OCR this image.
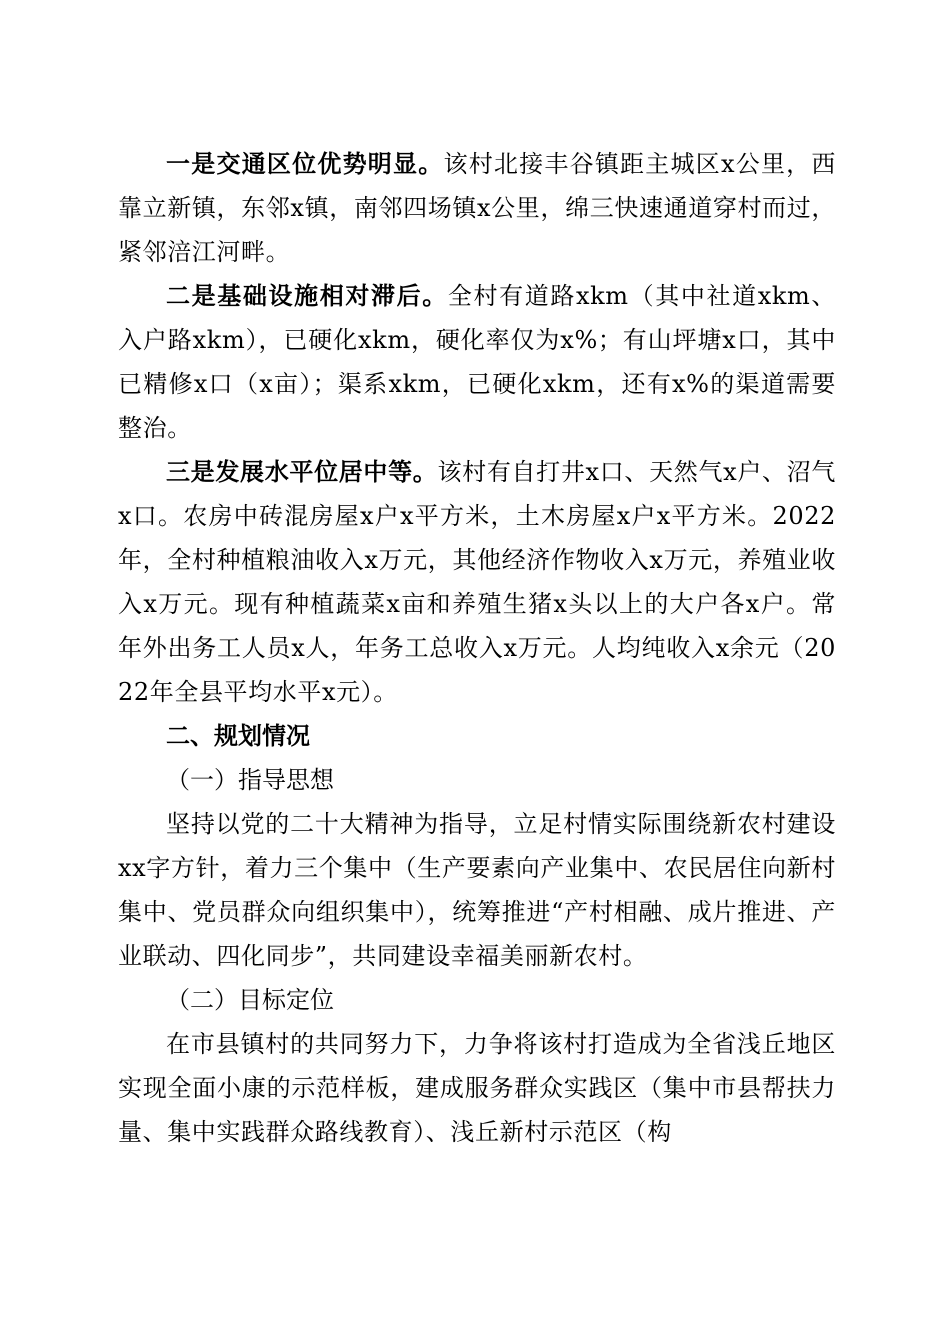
一是交通区位优势明显。该村北接丰谷镇距主城区x公里，西靠立新镇，东邻x镇，南邻四场镇x公里，绵三快速通道穿村而过，紧邻涪江河畔。

二是基础设施相对滞后。全村有道路xkm（其中社道xkm、入户路xkm），已硬化xkm，硬化率仅为x%；有山坪塘x口，其中已精修x口（x亩）；渠系xkm，已硬化xkm，还有x%的渠道需要整治。

三是发展水平位居中等。该村有自打井x口、天然气x户、沼气x口。农房中砖混房屋x户x平方米，土木房屋x户x平方米。2022年，全村种植粮油收入x万元，其他经济作物收入x万元，养殖业收入x万元。现有种植蔬菜x亩和养殖生猪x头以上的大户各x户。常年外出务工人员x人，年务工总收入x万元。人均纯收入x余元（2022年全县平均水平x元）。

二、规划情况

（一）指导思想

坚持以党的二十大精神为指导，立足村情实际围绕新农村建设xx字方针，着力三个集中（生产要素向产业集中、农民居住向新村集中、党员群众向组织集中），统筹推进“产村相融、成片推进、产业联动、四化同步”，共同建设幸福美丽新农村。

（二）目标定位

在市县镇村的共同努力下，力争将该村打造成为全省浅丘地区实现全面小康的示范样板，建成服务群众实践区（集中市县帮扶力量、集中实践群众路线教育）、浅丘新村示范区（构
